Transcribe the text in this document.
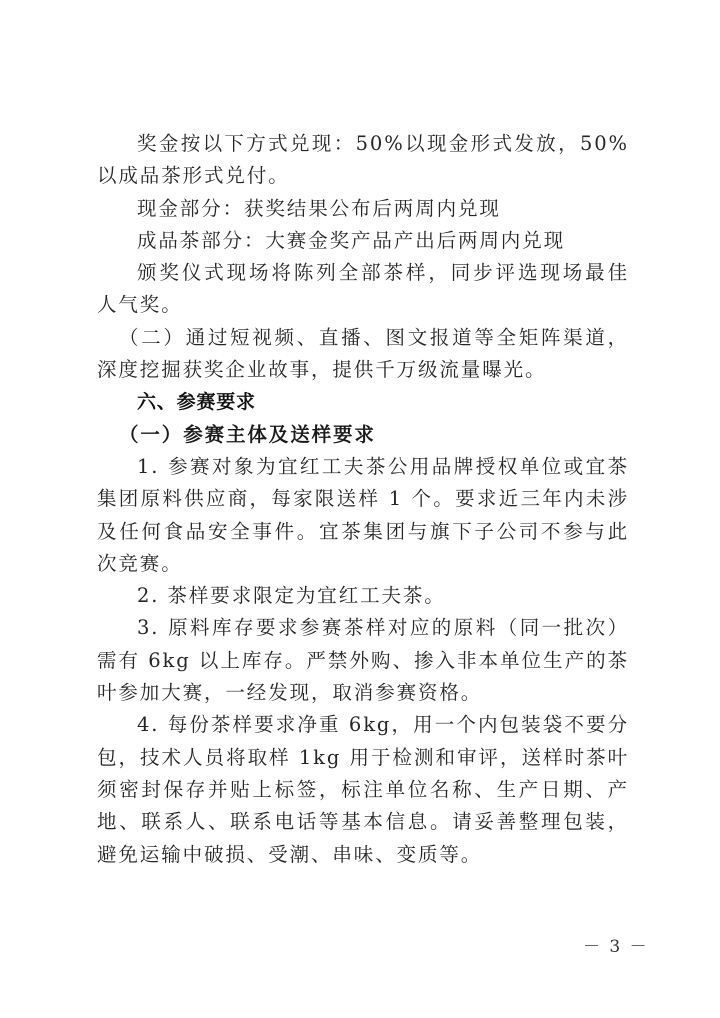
奖金按以下方式兑现：50%以现金形式发放，50%以成品茶形式兑付。

现金部分：获奖结果公布后两周内兑现

成品茶部分：大赛金奖产品产出后两周内兑现

颁奖仪式现场将陈列全部茶样，同步评选现场最佳人气奖。

（二）通过短视频、直播、图文报道等全矩阵渠道，深度挖掘获奖企业故事，提供千万级流量曝光。

六、参赛要求
（一）参赛主体及送样要求

1. 参赛对象为宜红工夫茶公用品牌授权单位或宜茶集团原料供应商，每家限送样 1 个。要求近三年内未涉及任何食品安全事件。宜茶集团与旗下子公司不参与此次竞赛。

2. 茶样要求限定为宜红工夫茶。

3. 原料库存要求参赛茶样对应的原料（同一批次）需有 6kg 以上库存。严禁外购、掺入非本单位生产的茶叶参加大赛，一经发现，取消参赛资格。

4. 每份茶样要求净重 6kg，用一个内包装袋不要分包，技术人员将取样 1kg 用于检测和审评，送样时茶叶须密封保存并贴上标签，标注单位名称、生产日期、产地、联系人、联系电话等基本信息。请妥善整理包装，避免运输中破损、受潮、串味、变质等。

－ 3 －
